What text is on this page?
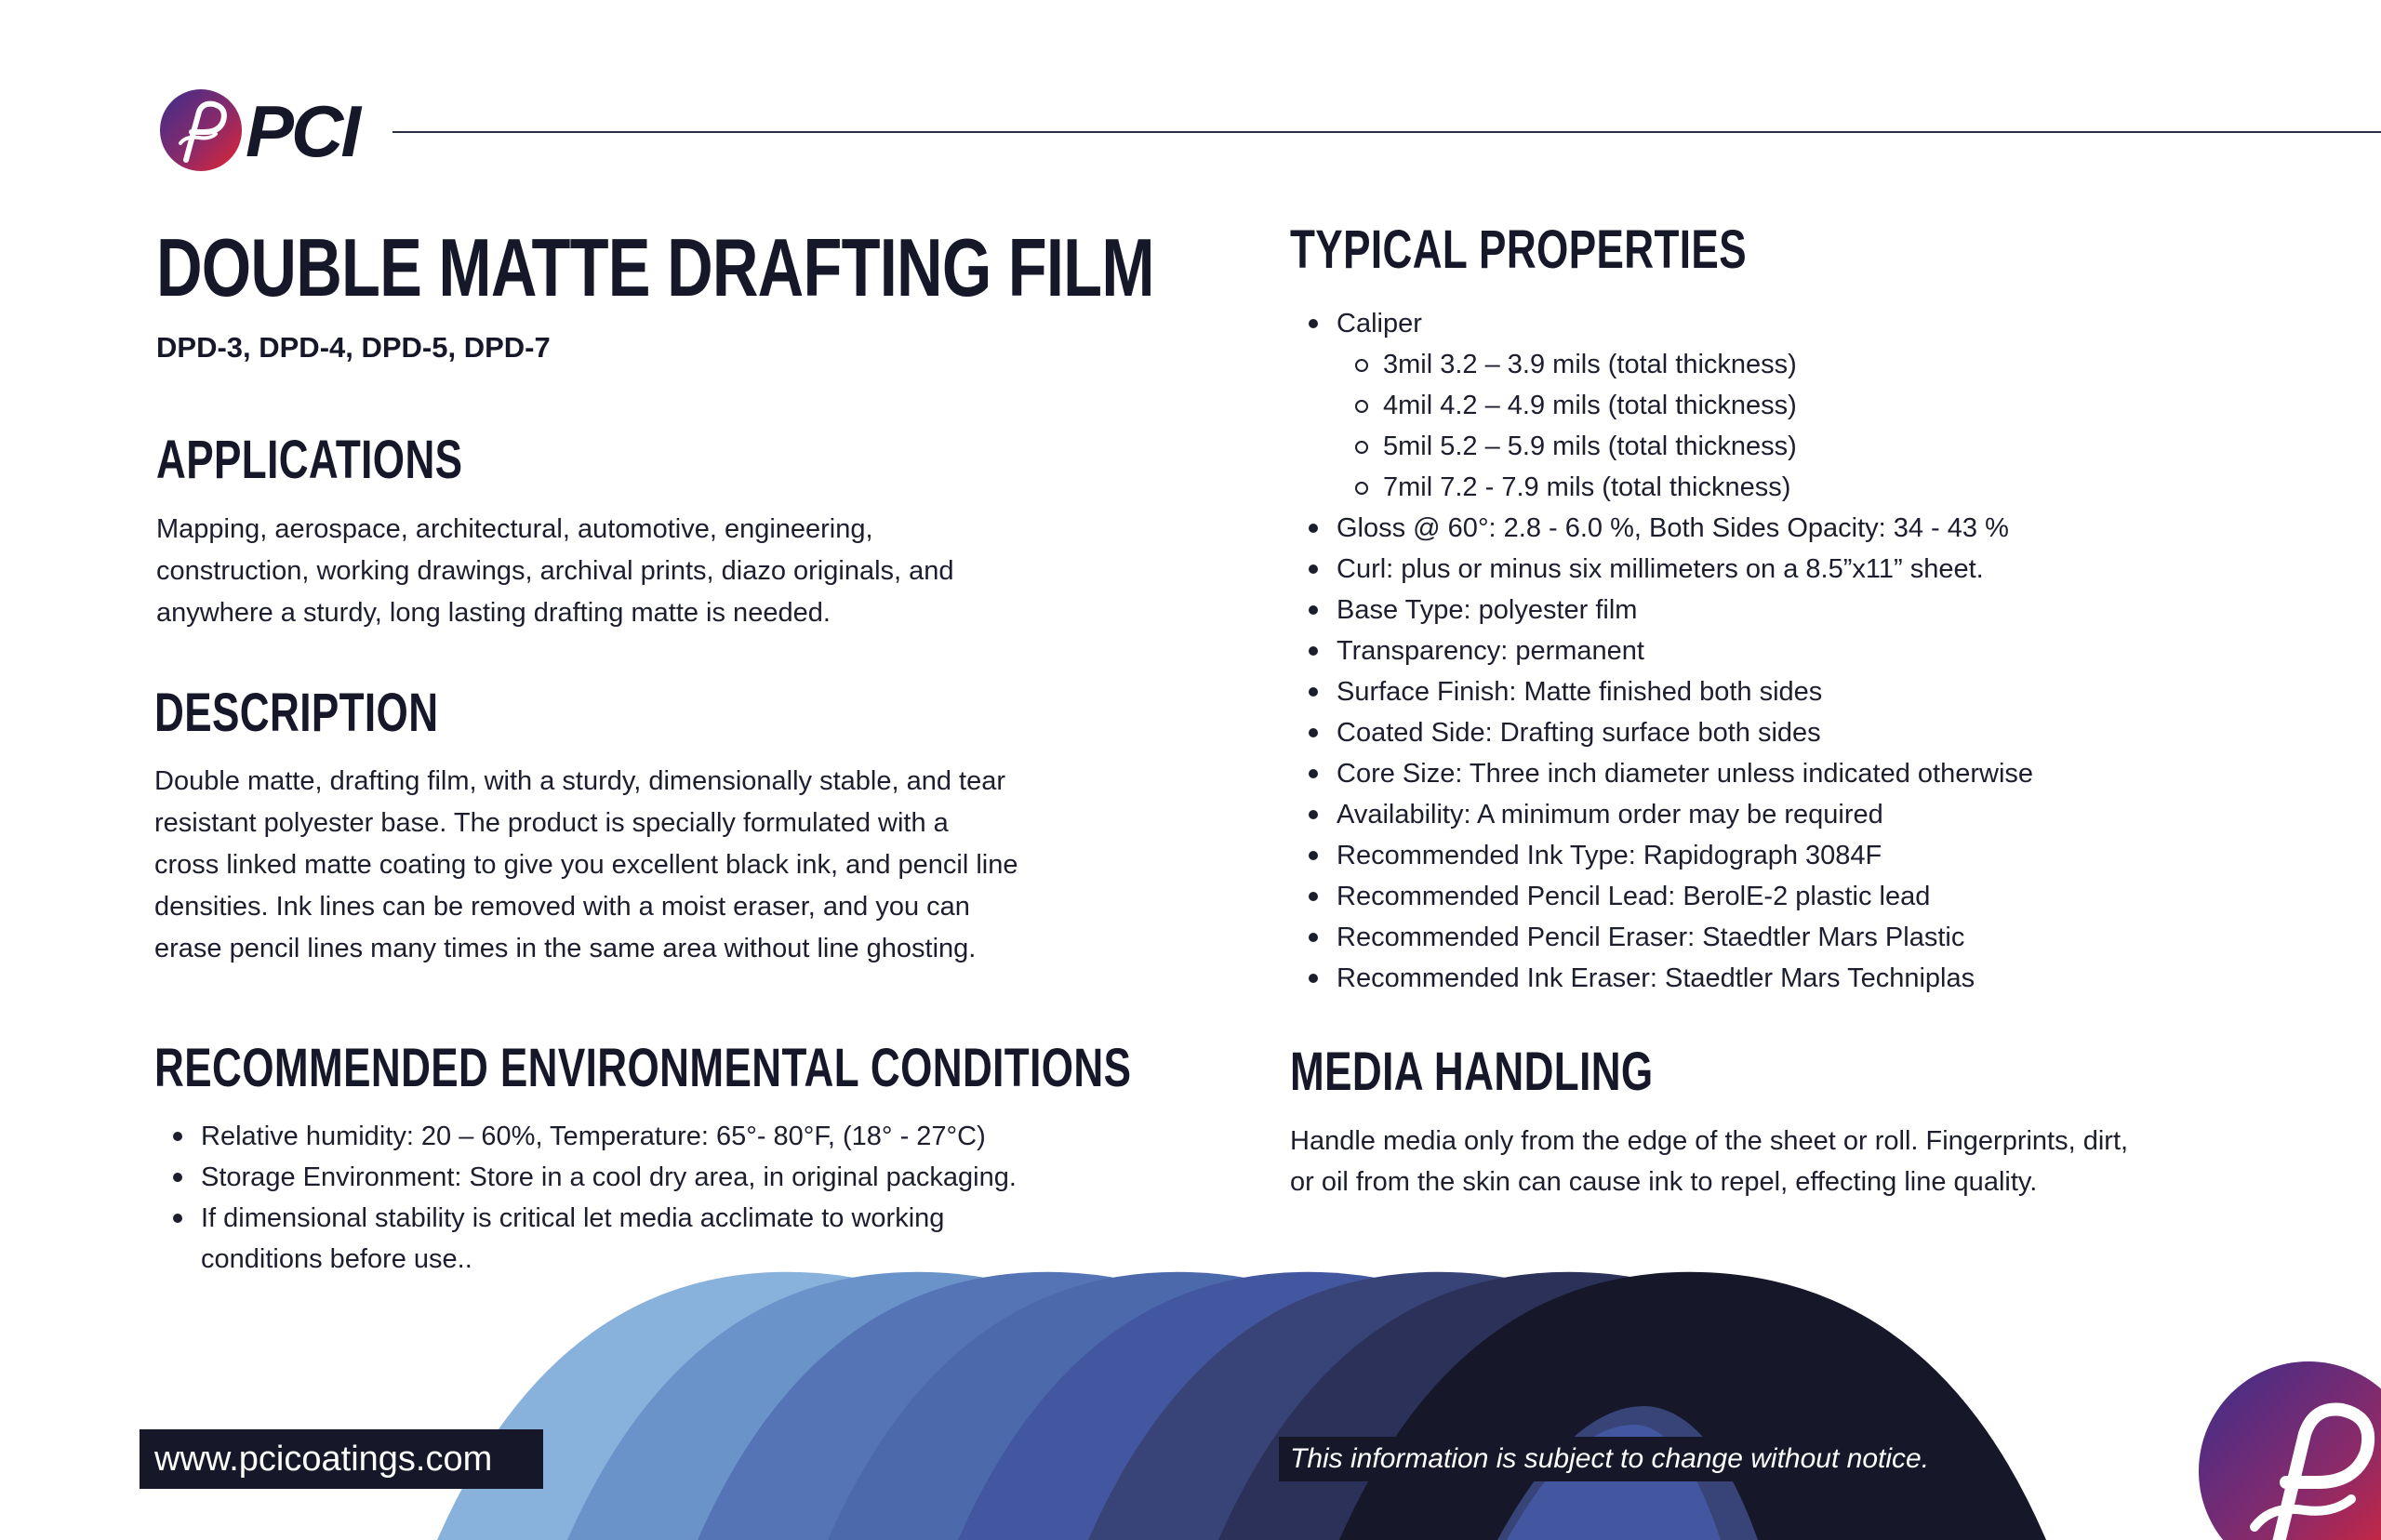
PCI
DOUBLE MATTE DRAFTING FILM
DPD-3, DPD-4, DPD-5, DPD-7
APPLICATIONS
Mapping, aerospace, architectural, automotive, engineering,
construction, working drawings, archival prints, diazo originals, and
anywhere a sturdy, long lasting drafting matte is needed.
DESCRIPTION
Double matte, drafting film, with a sturdy, dimensionally stable, and tear
resistant polyester base. The product is specially formulated with a
cross linked matte coating to give you excellent black ink, and pencil line
densities. Ink lines can be removed with a moist eraser, and you can
erase pencil lines many times in the same area without line ghosting.
RECOMMENDED ENVIRONMENTAL CONDITIONS
Relative humidity: 20 – 60%, Temperature: 65°- 80°F, (18° - 27°C)
Storage Environment: Store in a cool dry area, in original packaging.
If dimensional stability is critical let media acclimate to working conditions before use..
TYPICAL PROPERTIES
Caliper
3mil 3.2 – 3.9 mils (total thickness)
4mil 4.2 – 4.9 mils (total thickness)
5mil 5.2 – 5.9 mils (total thickness)
7mil 7.2 - 7.9 mils (total thickness)
Gloss @ 60°: 2.8 - 6.0 %, Both Sides Opacity: 34 - 43 %
Curl: plus or minus six millimeters on a 8.5”x11” sheet.
Base Type: polyester film
Transparency: permanent
Surface Finish: Matte finished both sides
Coated Side: Drafting surface both sides
Core Size: Three inch diameter unless indicated otherwise
Availability: A minimum order may be required
Recommended Ink Type: Rapidograph 3084F
Recommended Pencil Lead: BerolE-2 plastic lead
Recommended Pencil Eraser: Staedtler Mars Plastic
Recommended Ink Eraser: Staedtler Mars Techniplas
MEDIA HANDLING
Handle media only from the edge of the sheet or roll. Fingerprints, dirt,
or oil from the skin can cause ink to repel, effecting line quality.
www.pcicoatings.com	This information is subject to change without notice.
